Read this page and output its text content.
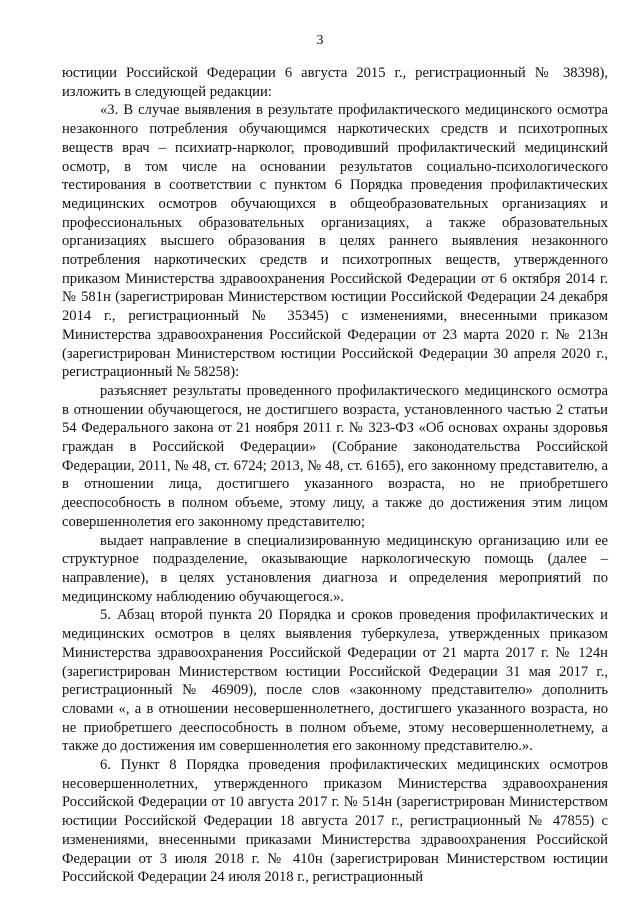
3

юстиции Российской Федерации 6 августа 2015 г., регистрационный № 38398), изложить в следующей редакции:

«3. В случае выявления в результате профилактического медицинского осмотра незаконного потребления обучающимся наркотических средств и психотропных веществ врач – психиатр-нарколог, проводивший профилактический медицинский осмотр, в том числе на основании результатов социально-психологического тестирования в соответствии с пунктом 6 Порядка проведения профилактических медицинских осмотров обучающихся в общеобразовательных организациях и профессиональных образовательных организациях, а также образовательных организациях высшего образования в целях раннего выявления незаконного потребления наркотических средств и психотропных веществ, утвержденного приказом Министерства здравоохранения Российской Федерации от 6 октября 2014 г. № 581н (зарегистрирован Министерством юстиции Российской Федерации 24 декабря 2014 г., регистрационный № 35345) с изменениями, внесенными приказом Министерства здравоохранения Российской Федерации от 23 марта 2020 г. № 213н (зарегистрирован Министерством юстиции Российской Федерации 30 апреля 2020 г., регистрационный № 58258):

разъясняет результаты проведенного профилактического медицинского осмотра в отношении обучающегося, не достигшего возраста, установленного частью 2 статьи 54 Федерального закона от 21 ноября 2011 г. № 323-ФЗ «Об основах охраны здоровья граждан в Российской Федерации» (Собрание законодательства Российской Федерации, 2011, № 48, ст. 6724; 2013, № 48, ст. 6165), его законному представителю, а в отношении лица, достигшего указанного возраста, но не приобретшего дееспособность в полном объеме, этому лицу, а также до достижения этим лицом совершеннолетия его законному представителю;

выдает направление в специализированную медицинскую организацию или ее структурное подразделение, оказывающие наркологическую помощь (далее – направление), в целях установления диагноза и определения мероприятий по медицинскому наблюдению обучающегося.».

5. Абзац второй пункта 20 Порядка и сроков проведения профилактических и медицинских осмотров в целях выявления туберкулеза, утвержденных приказом Министерства здравоохранения Российской Федерации от 21 марта 2017 г. № 124н (зарегистрирован Министерством юстиции Российской Федерации 31 мая 2017 г., регистрационный № 46909), после слов «законному представителю» дополнить словами «, а в отношении несовершеннолетнего, достигшего указанного возраста, но не приобретшего дееспособность в полном объеме, этому несовершеннолетнему, а также до достижения им совершеннолетия его законному представителю.».

6. Пункт 8 Порядка проведения профилактических медицинских осмотров несовершеннолетних, утвержденного приказом Министерства здравоохранения Российской Федерации от 10 августа 2017 г. № 514н (зарегистрирован Министерством юстиции Российской Федерации 18 августа 2017 г., регистрационный № 47855) с изменениями, внесенными приказами Министерства здравоохранения Российской Федерации от 3 июля 2018 г. № 410н (зарегистрирован Министерством юстиции Российской Федерации 24 июля 2018 г., регистрационный
